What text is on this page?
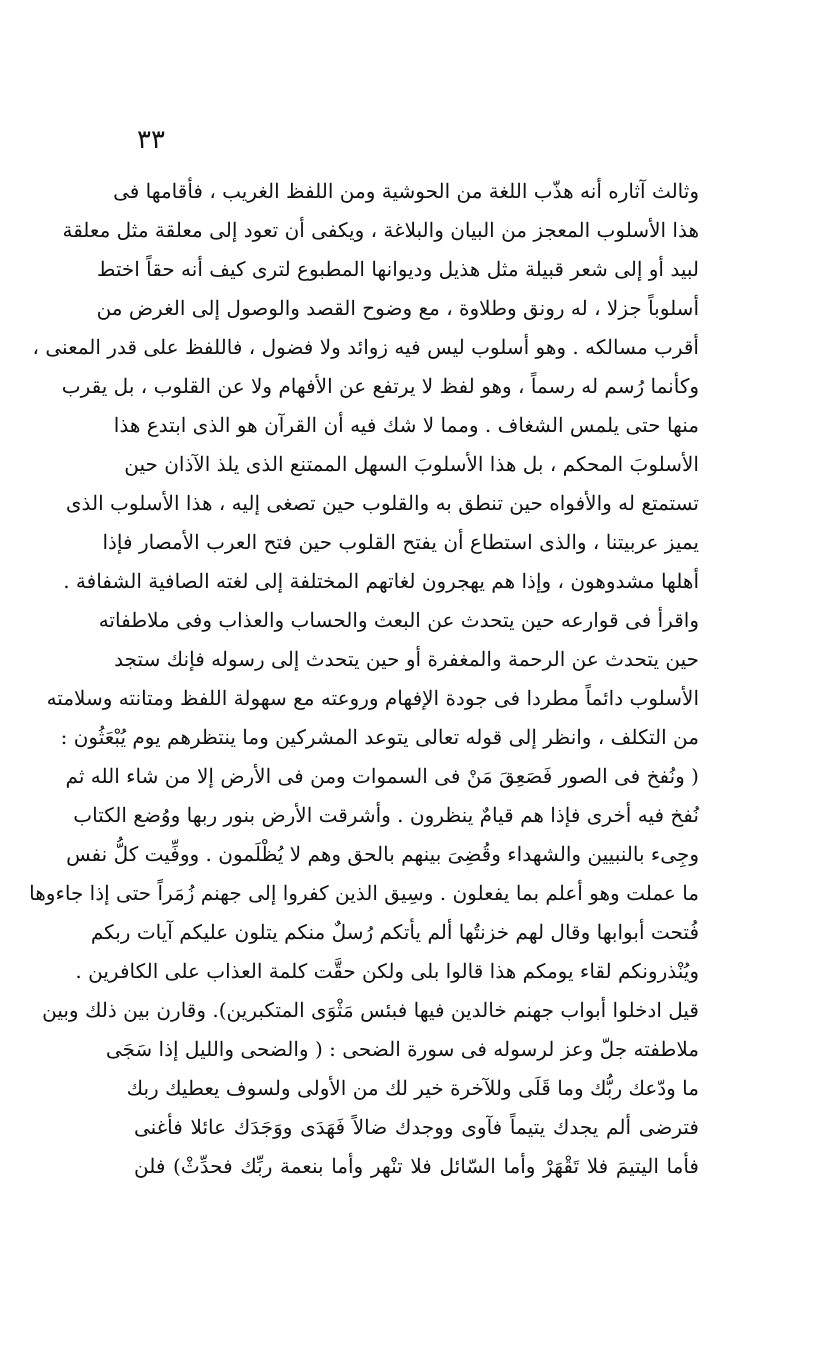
٣٣
وثالث آثاره أنه هذّب اللغة من الحوشية ومن اللفظ الغريب ، فأقامها فى
هذا الأسلوب المعجز من البيان والبلاغة ، ويكفى أن تعود إلى معلقة مثل معلقة
لبيد أو إلى شعر قبيلة مثل هذيل وديوانها المطبوع لترى كيف أنه حقاً اختط
أسلوباً جزلا ، له رونق وطلاوة ، مع وضوح القصد والوصول إلى الغرض من
أقرب مسالكه . وهو أسلوب ليس فيه زوائد ولا فضول ، فاللفظ على قدر المعنى ،
وكأنما رُسم له رسماً ، وهو لفظ لا يرتفع عن الأفهام ولا عن القلوب ، بل يقرب
منها حتى يلمس الشغاف . ومما لا شك فيه أن القرآن هو الذى ابتدع هذا
الأسلوبَ المحكم ، بل هذا الأسلوبَ السهل الممتنع الذى يلذ الآذان حين
تستمتع له والأفواه حين تنطق به والقلوب حين تصغى إليه ، هذا الأسلوب الذى
يميز عربيتنا ، والذى استطاع أن يفتح القلوب حين فتح العرب الأمصار فإذا
أهلها مشدوهون ، وإذا هم يهجرون لغاتهم المختلفة إلى لغته الصافية الشفافة .
واقرأ فى قوارعه حين يتحدث عن البعث والحساب والعذاب وفى ملاطفاته
حين يتحدث عن الرحمة والمغفرة أو حين يتحدث إلى رسوله فإنك ستجد
الأسلوب دائماً مطردا فى جودة الإفهام وروعته مع سهولة اللفظ ومتانته وسلامته
من التكلف ، وانظر إلى قوله تعالى يتوعد المشركين وما ينتظرهم يوم يُبْعَثُون :
( ونُفخ فى الصور فَصَعِقَ مَنْ فى السموات ومن فى الأرض إلا من شاء الله ثم
نُفخ فيه أخرى فإذا هم قيامٌ ينظرون . وأشرقت الأرض بنور ربها ووُضع الكتاب
وجِىء بالنبيين والشهداء وقُضِىَ بينهم بالحق وهم لا يُظْلَمون . ووفِّيت كلُّ نفس
ما عملت وهو أعلم بما يفعلون . وسِيق الذين كفروا إلى جهنم زُمَراً حتى إذا جاءوها
فُتحت أبوابها وقال لهم خزنتُها ألم يأتكم رُسلٌ منكم يتلون عليكم آيات ربكم
ويُنْذرونكم لقاء يومكم هذا قالوا بلى ولكن حقَّت كلمة العذاب على الكافرين .
قيل ادخلوا أبواب جهنم خالدين فيها فبئس مَثْوَى المتكبرين). وقارن بين ذلك وبين
ملاطفته جلّ وعز لرسوله فى سورة الضحى : ( والضحى والليل إذا سَجَى
ما ودّعك ربُّك وما قَلَى وللآخرة خير لك من الأولى ولسوف يعطيك ربك
فترضى ألم يجدك يتيماً فآوى ووجدك ضالاً فَهَدَى ووَجَدَك عائلا فأغنى
فأما اليتيمَ فلا تَقْهَرْ وأما السّائل فلا تنْهر وأما بنعمة ربِّك فحدِّثْ) فلن
